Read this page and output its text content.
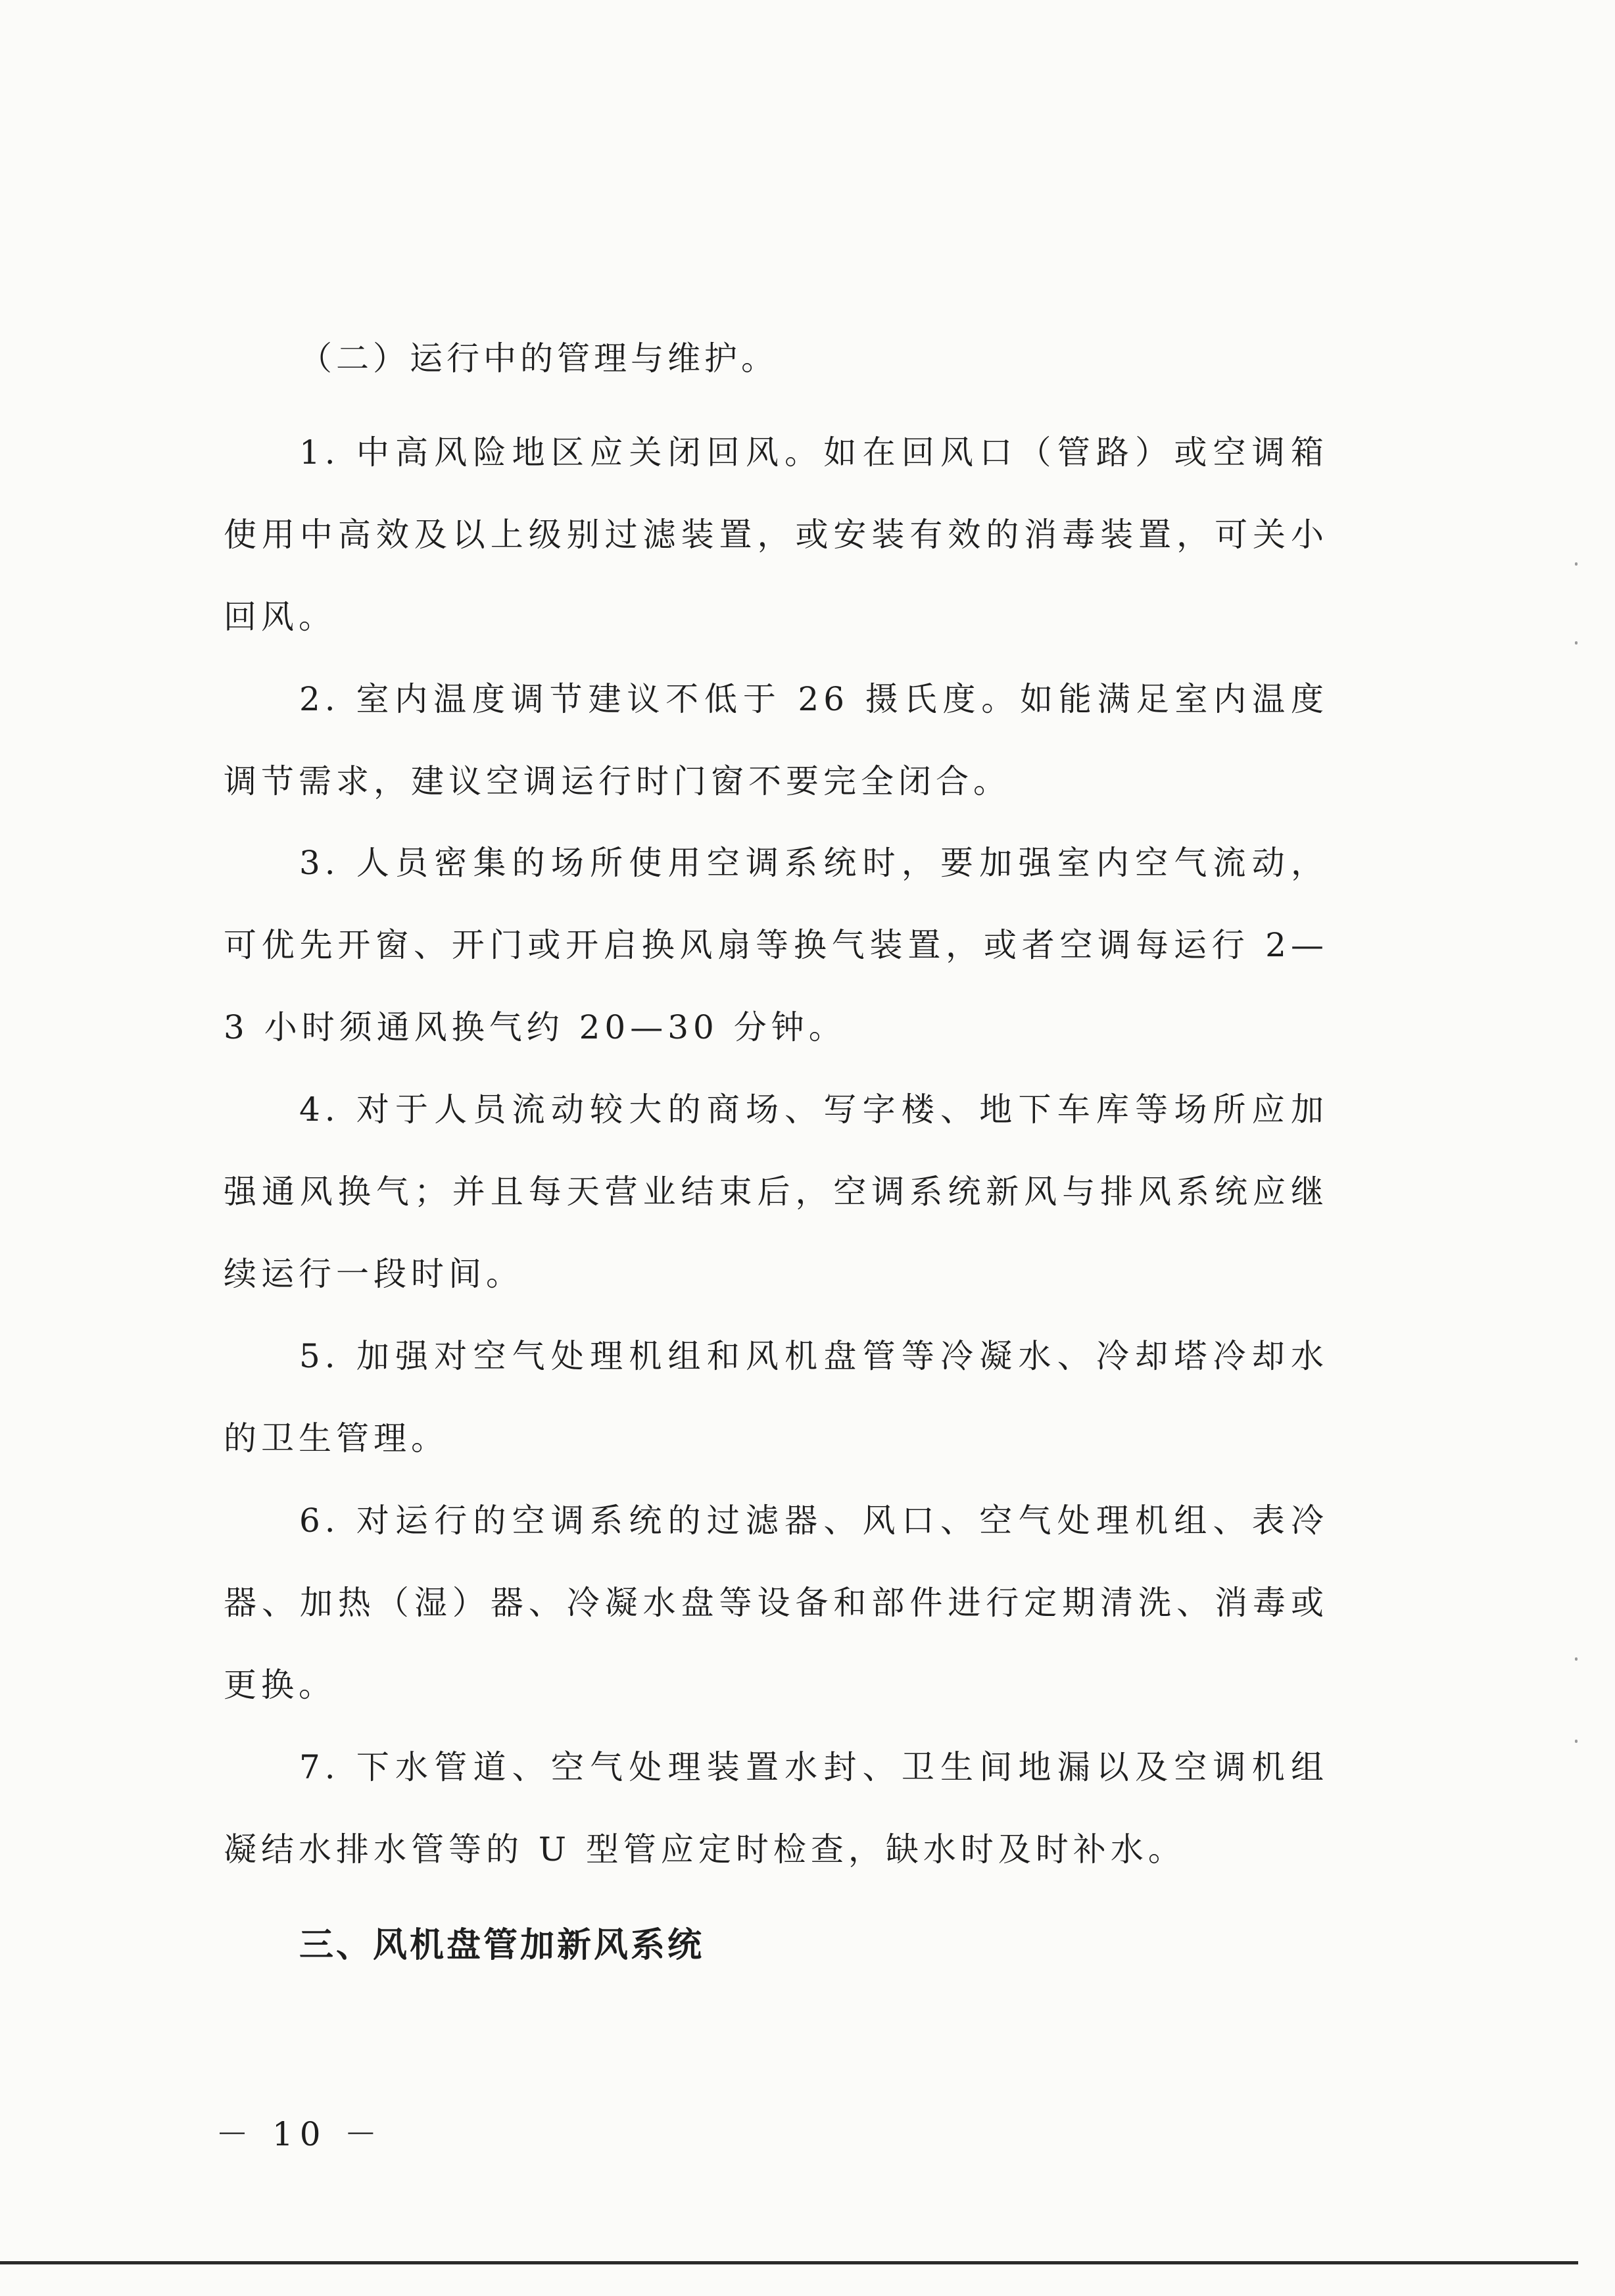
（二）运行中的管理与维护。

1. 中高风险地区应关闭回风。如在回风口（管路）或空调箱使用中高效及以上级别过滤装置，或安装有效的消毒装置，可关小回风。

2. 室内温度调节建议不低于 26 摄氏度。如能满足室内温度调节需求，建议空调运行时门窗不要完全闭合。

3. 人员密集的场所使用空调系统时，要加强室内空气流动，可优先开窗、开门或开启换风扇等换气装置，或者空调每运行 2—3 小时须通风换气约 20—30 分钟。

4. 对于人员流动较大的商场、写字楼、地下车库等场所应加强通风换气；并且每天营业结束后，空调系统新风与排风系统应继续运行一段时间。

5. 加强对空气处理机组和风机盘管等冷凝水、冷却塔冷却水的卫生管理。

6. 对运行的空调系统的过滤器、风口、空气处理机组、表冷器、加热（湿）器、冷凝水盘等设备和部件进行定期清洗、消毒或更换。

7. 下水管道、空气处理装置水封、卫生间地漏以及空调机组凝结水排水管等的 U 型管应定时检查，缺水时及时补水。

三、风机盘管加新风系统
－ 10 －
